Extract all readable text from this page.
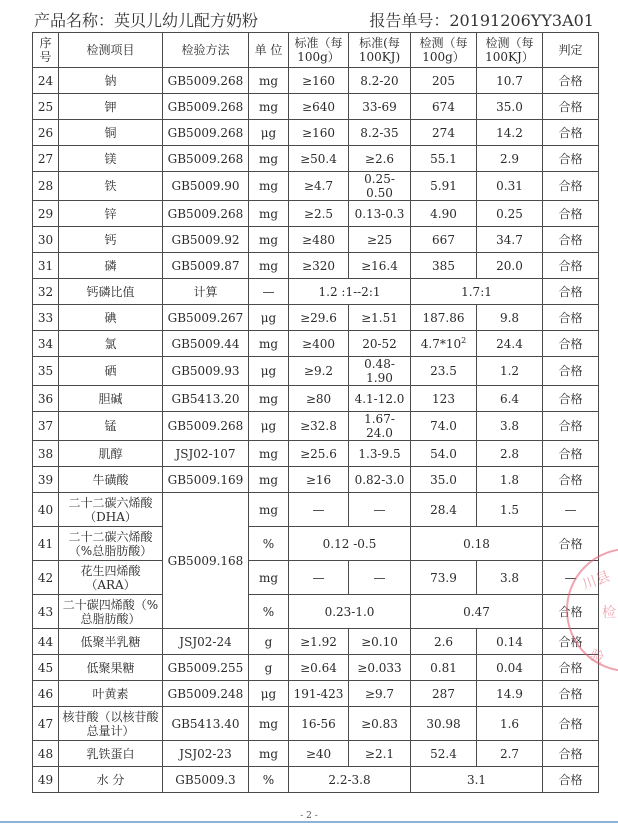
产品名称：英贝儿幼儿配方奶粉	报告单号：20191206YY3A01
序号	检测项目	检验方法	单 位	标准（每100g）	标准(每100KJ)	检测（每100g）	检测（每100KJ）	判定
24	钠	GB5009.268	mg	≥160	8.2-20	205	10.7	合格
25	钾	GB5009.268	mg	≥640	33-69	674	35.0	合格
26	铜	GB5009.268	μg	≥160	8.2-35	274	14.2	合格
27	镁	GB5009.268	mg	≥50.4	≥2.6	55.1	2.9	合格
28	铁	GB5009.90	mg	≥4.7	0.25-0.50	5.91	0.31	合格
29	锌	GB5009.268	mg	≥2.5	0.13-0.3	4.90	0.25	合格
30	钙	GB5009.92	mg	≥480	≥25	667	34.7	合格
31	磷	GB5009.87	mg	≥320	≥16.4	385	20.0	合格
32	钙磷比值	计算	—	1.2 :1--2:1		1.7:1		合格
33	碘	GB5009.267	μg	≥29.6	≥1.51	187.86	9.8	合格
34	氯	GB5009.44	mg	≥400	20-52	$4.7*10^2$	24.4	合格
35	硒	GB5009.93	μg	≥9.2	0.48-1.90	23.5	1.2	合格
36	胆碱	GB5413.20	mg	≥80	4.1-12.0	123	6.4	合格
37	锰	GB5009.268	μg	≥32.8	1.67-24.0	74.0	3.8	合格
38	肌醇	JSJ02-107	mg	≥25.6	1.3-9.5	54.0	2.8	合格
39	牛磺酸	GB5009.169	mg	≥16	0.82-3.0	35.0	1.8	合格
40	二十二碳六烯酸（DHA）	GB5009.168	mg	—	—	28.4	1.5	—
41	二十二碳六烯酸（%总脂肪酸）		%	0.12 -0.5		0.18		合格
42	花生四烯酸（ARA）		mg	—	—	73.9	3.8	—
43	二十碳四烯酸（%总脂肪酸）		%	0.23-1.0		0.47		合格
44	低聚半乳糖	JSJ02-24	g	≥1.92	≥0.10	2.6	0.14	合格
45	低聚果糖	GB5009.255	g	≥0.64	≥0.033	0.81	0.04	合格
46	叶黄素	GB5009.248	μg	191-423	≥9.7	287	14.9	合格
47	核苷酸（以核苷酸总量计）	GB5413.40	mg	16-56	≥0.83	30.98	1.6	合格
48	乳铁蛋白	JSJ02-23	mg	≥40	≥2.1	52.4	2.7	合格
49	水 分	GB5009.3	%	2.2-3.8		3.1		合格
川县
检
验
- 2 -
